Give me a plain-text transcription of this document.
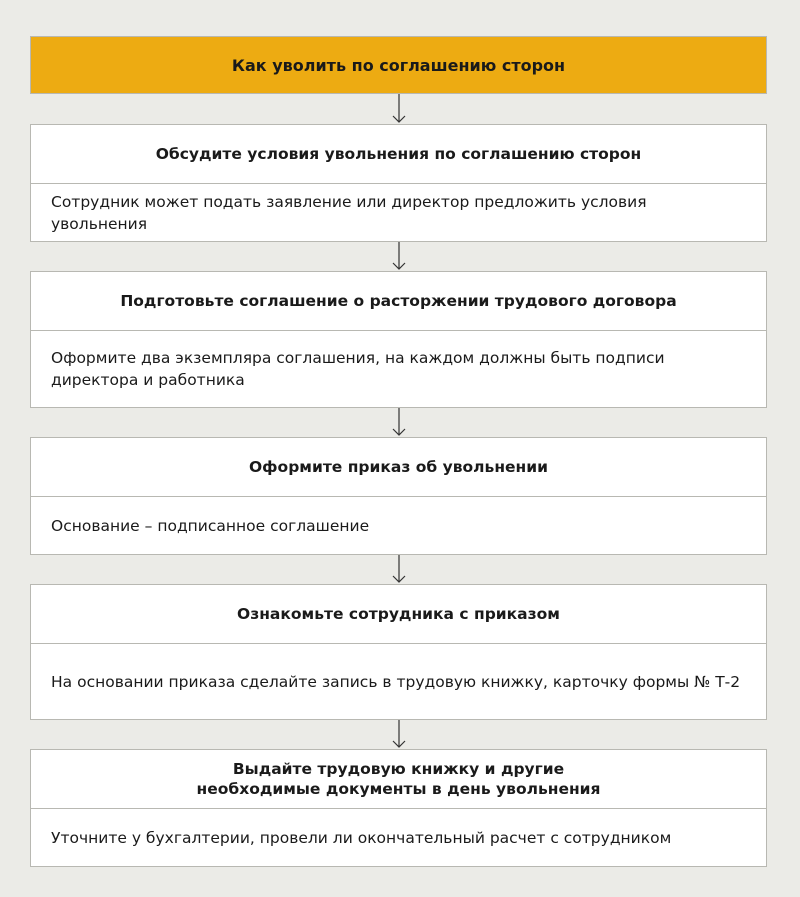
Как уволить по соглашению сторон
Обсудите условия увольнения по соглашению сторон
Сотрудник может подать заявление или директор предложить условия увольнения
Подготовьте соглашение о расторжении трудового договора
Оформите два экземпляра соглашения, на каждом должны быть подписи директора и работника
Оформите приказ об увольнении
Основание – подписанное соглашение
Ознакомьте сотрудника с приказом
На основании приказа сделайте запись в трудовую книжку, карточку формы № Т-2
Выдайте трудовую книжку и другие необходимые документы в день увольнения
Уточните у бухгалтерии, провели ли окончательный расчет с сотрудником
